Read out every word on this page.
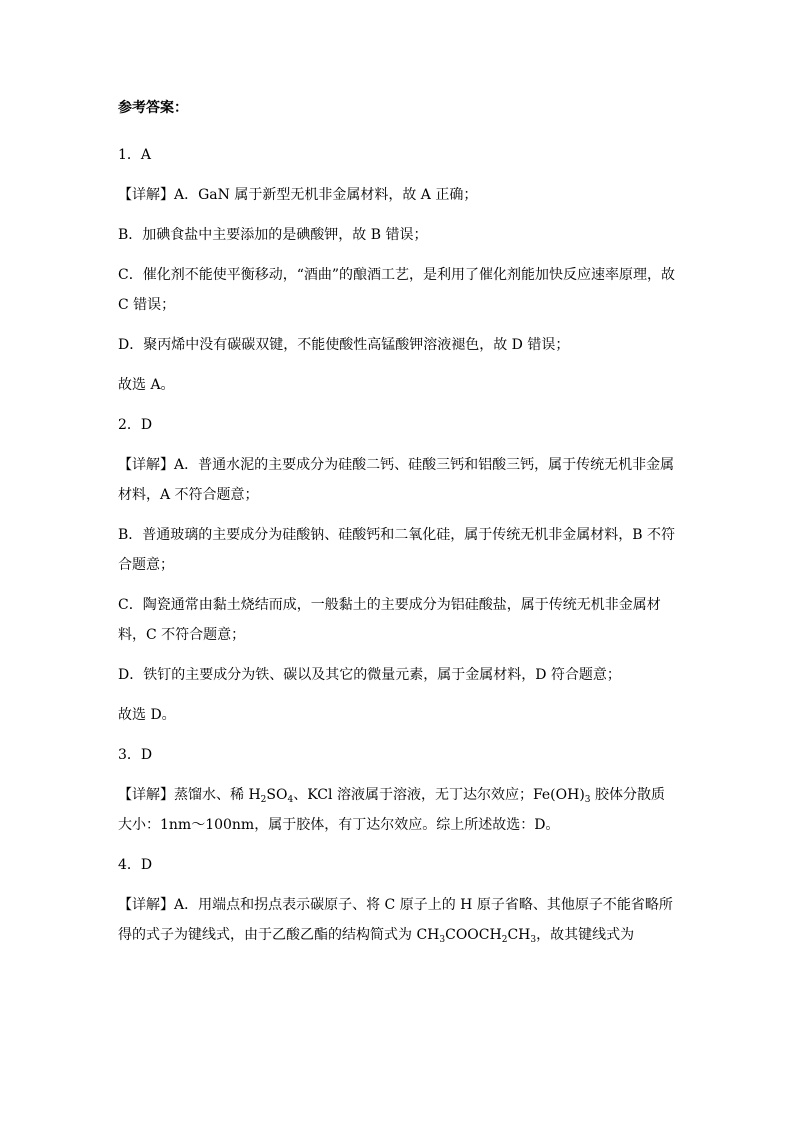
参考答案：
1．A
【详解】A．GaN 属于新型无机非金属材料，故 A 正确；
B．加碘食盐中主要添加的是碘酸钾，故 B 错误；
C．催化剂不能使平衡移动，“酒曲”的酿酒工艺，是利用了催化剂能加快反应速率原理，故 C 错误；
D．聚丙烯中没有碳碳双键，不能使酸性高锰酸钾溶液褪色，故 D 错误；
故选 A。
2．D
【详解】A．普通水泥的主要成分为硅酸二钙、硅酸三钙和铝酸三钙，属于传统无机非金属材料，A 不符合题意；
B．普通玻璃的主要成分为硅酸钠、硅酸钙和二氧化硅，属于传统无机非金属材料，B 不符合题意；
C．陶瓷通常由黏土烧结而成，一般黏土的主要成分为铝硅酸盐，属于传统无机非金属材料，C 不符合题意；
D．铁钉的主要成分为铁、碳以及其它的微量元素，属于金属材料，D 符合题意；
故选 D。
3．D
【详解】蒸馏水、稀 $H_2SO_4$、KCl 溶液属于溶液，无丁达尔效应；$Fe(OH)_3$ 胶体分散质大小：1nm～100nm，属于胶体，有丁达尔效应。综上所述故选：D。
4．D
【详解】A．用端点和拐点表示碳原子、将 C 原子上的 H 原子省略、其他原子不能省略所得的式子为键线式，由于乙酸乙酯的结构简式为 $CH_3COOCH_2CH_3$，故其键线式为
